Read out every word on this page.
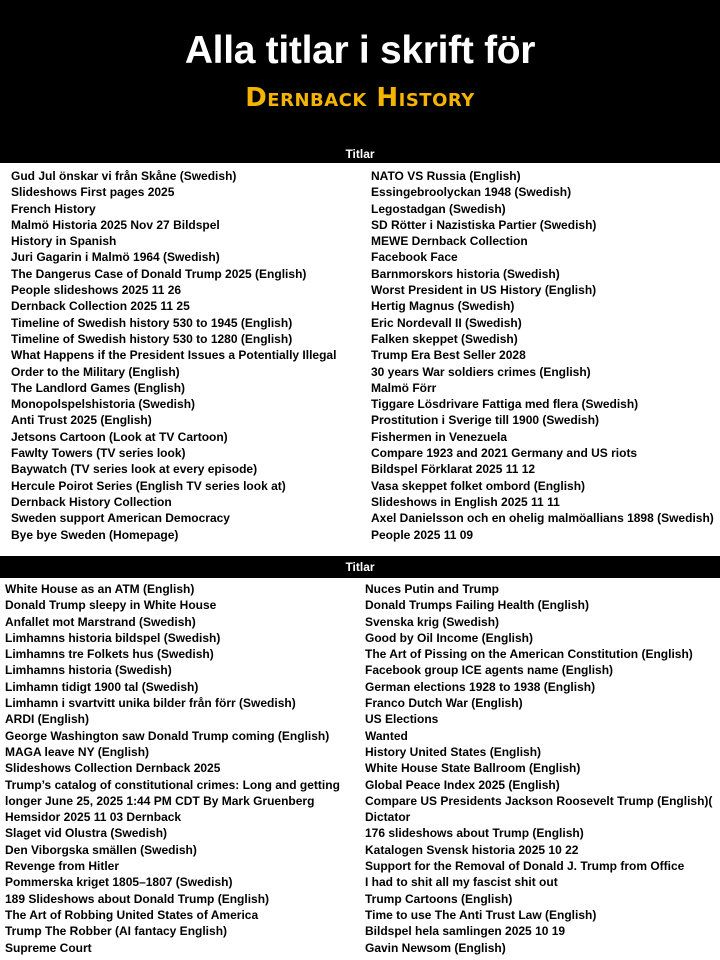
Alla titlar i skrift för
Dernback History
Titlar
Gud Jul önskar vi från Skåne (Swedish)
Slideshows First pages 2025
French History
Malmö Historia 2025 Nov 27 Bildspel
History in Spanish
Juri Gagarin i Malmö 1964 (Swedish)
The Dangerus Case of Donald Trump 2025 (English)
People slideshows 2025 11 26
Dernback Collection 2025 11 25
Timeline of Swedish history 530 to 1945 (English)
Timeline of Swedish history 530 to 1280 (English)
What Happens if the President Issues a Potentially Illegal
Order to the Military (English)
The Landlord Games (English)
Monopolspelshistoria (Swedish)
Anti Trust 2025 (English)
Jetsons Cartoon (Look at TV Cartoon)
Fawlty Towers (TV series look)
Baywatch (TV series look at every episode)
Hercule Poirot Series (English TV series look at)
Dernback History Collection
Sweden support American Democracy
Bye bye Sweden (Homepage)
NATO VS Russia (English)
Essingebroolyckan 1948 (Swedish)
Legostadgan (Swedish)
SD Rötter i Nazistiska Partier (Swedish)
MEWE Dernback Collection
Facebook Face
Barnmorskors historia (Swedish)
Worst President in US History (English)
Hertig Magnus (Swedish)
Eric Nordevall II (Swedish)
Falken skeppet (Swedish)
Trump Era Best Seller 2028
30 years War soldiers crimes (English)
Malmö Förr
Tiggare Lösdrivare Fattiga med flera (Swedish)
Prostitution i Sverige till 1900 (Swedish)
Fishermen in Venezuela
Compare 1923 and 2021 Germany and US riots
Bildspel Förklarat 2025 11 12
Vasa skeppet folket ombord (English)
Slideshows in English 2025 11 11
Axel Danielsson och en ohelig malmöallians 1898 (Swedish)
People 2025 11 09
Titlar
White House as an ATM (English)
Donald Trump sleepy in White House
Anfallet mot Marstrand (Swedish)
Limhamns historia bildspel (Swedish)
Limhamns tre Folkets hus (Swedish)
Limhamns historia (Swedish)
Limhamn tidigt 1900 tal (Swedish)
Limhamn i svartvitt unika bilder från förr (Swedish)
ARDI (English)
George Washington saw Donald Trump coming (English)
MAGA leave NY (English)
Slideshows Collection Dernback 2025
Trump’s catalog of constitutional crimes: Long and getting
longer June 25, 2025 1:44 PM CDT By Mark Gruenberg
Hemsidor 2025 11 03 Dernback
Slaget vid Olustra (Swedish)
Den Viborgska smällen (Swedish)
Revenge from Hitler
Pommerska kriget 1805–1807 (Swedish)
189 Slideshows about Donald Trump (English)
The Art of Robbing United States of America
Trump The Robber (AI fantacy English)
Supreme Court
Nuces Putin and Trump
Donald Trumps Failing Health (English)
Svenska krig (Swedish)
Good by Oil Income (English)
The Art of Pissing on the American Constitution (English)
Facebook group ICE agents name (English)
German elections 1928 to 1938 (English)
Franco Dutch War (English)
US Elections
Wanted
History United States (English)
White House State Ballroom (English)
Global Peace Index 2025 (English)
Compare US Presidents Jackson Roosevelt Trump (English)(
Dictator
176 slideshows about Trump (English)
Katalogen Svensk historia 2025 10 22
Support for the Removal of Donald J. Trump from Office
I had to shit all my fascist shit out
Trump Cartoons (English)
Time to use The Anti Trust Law (English)
Bildspel hela samlingen 2025 10 19
Gavin Newsom (English)
